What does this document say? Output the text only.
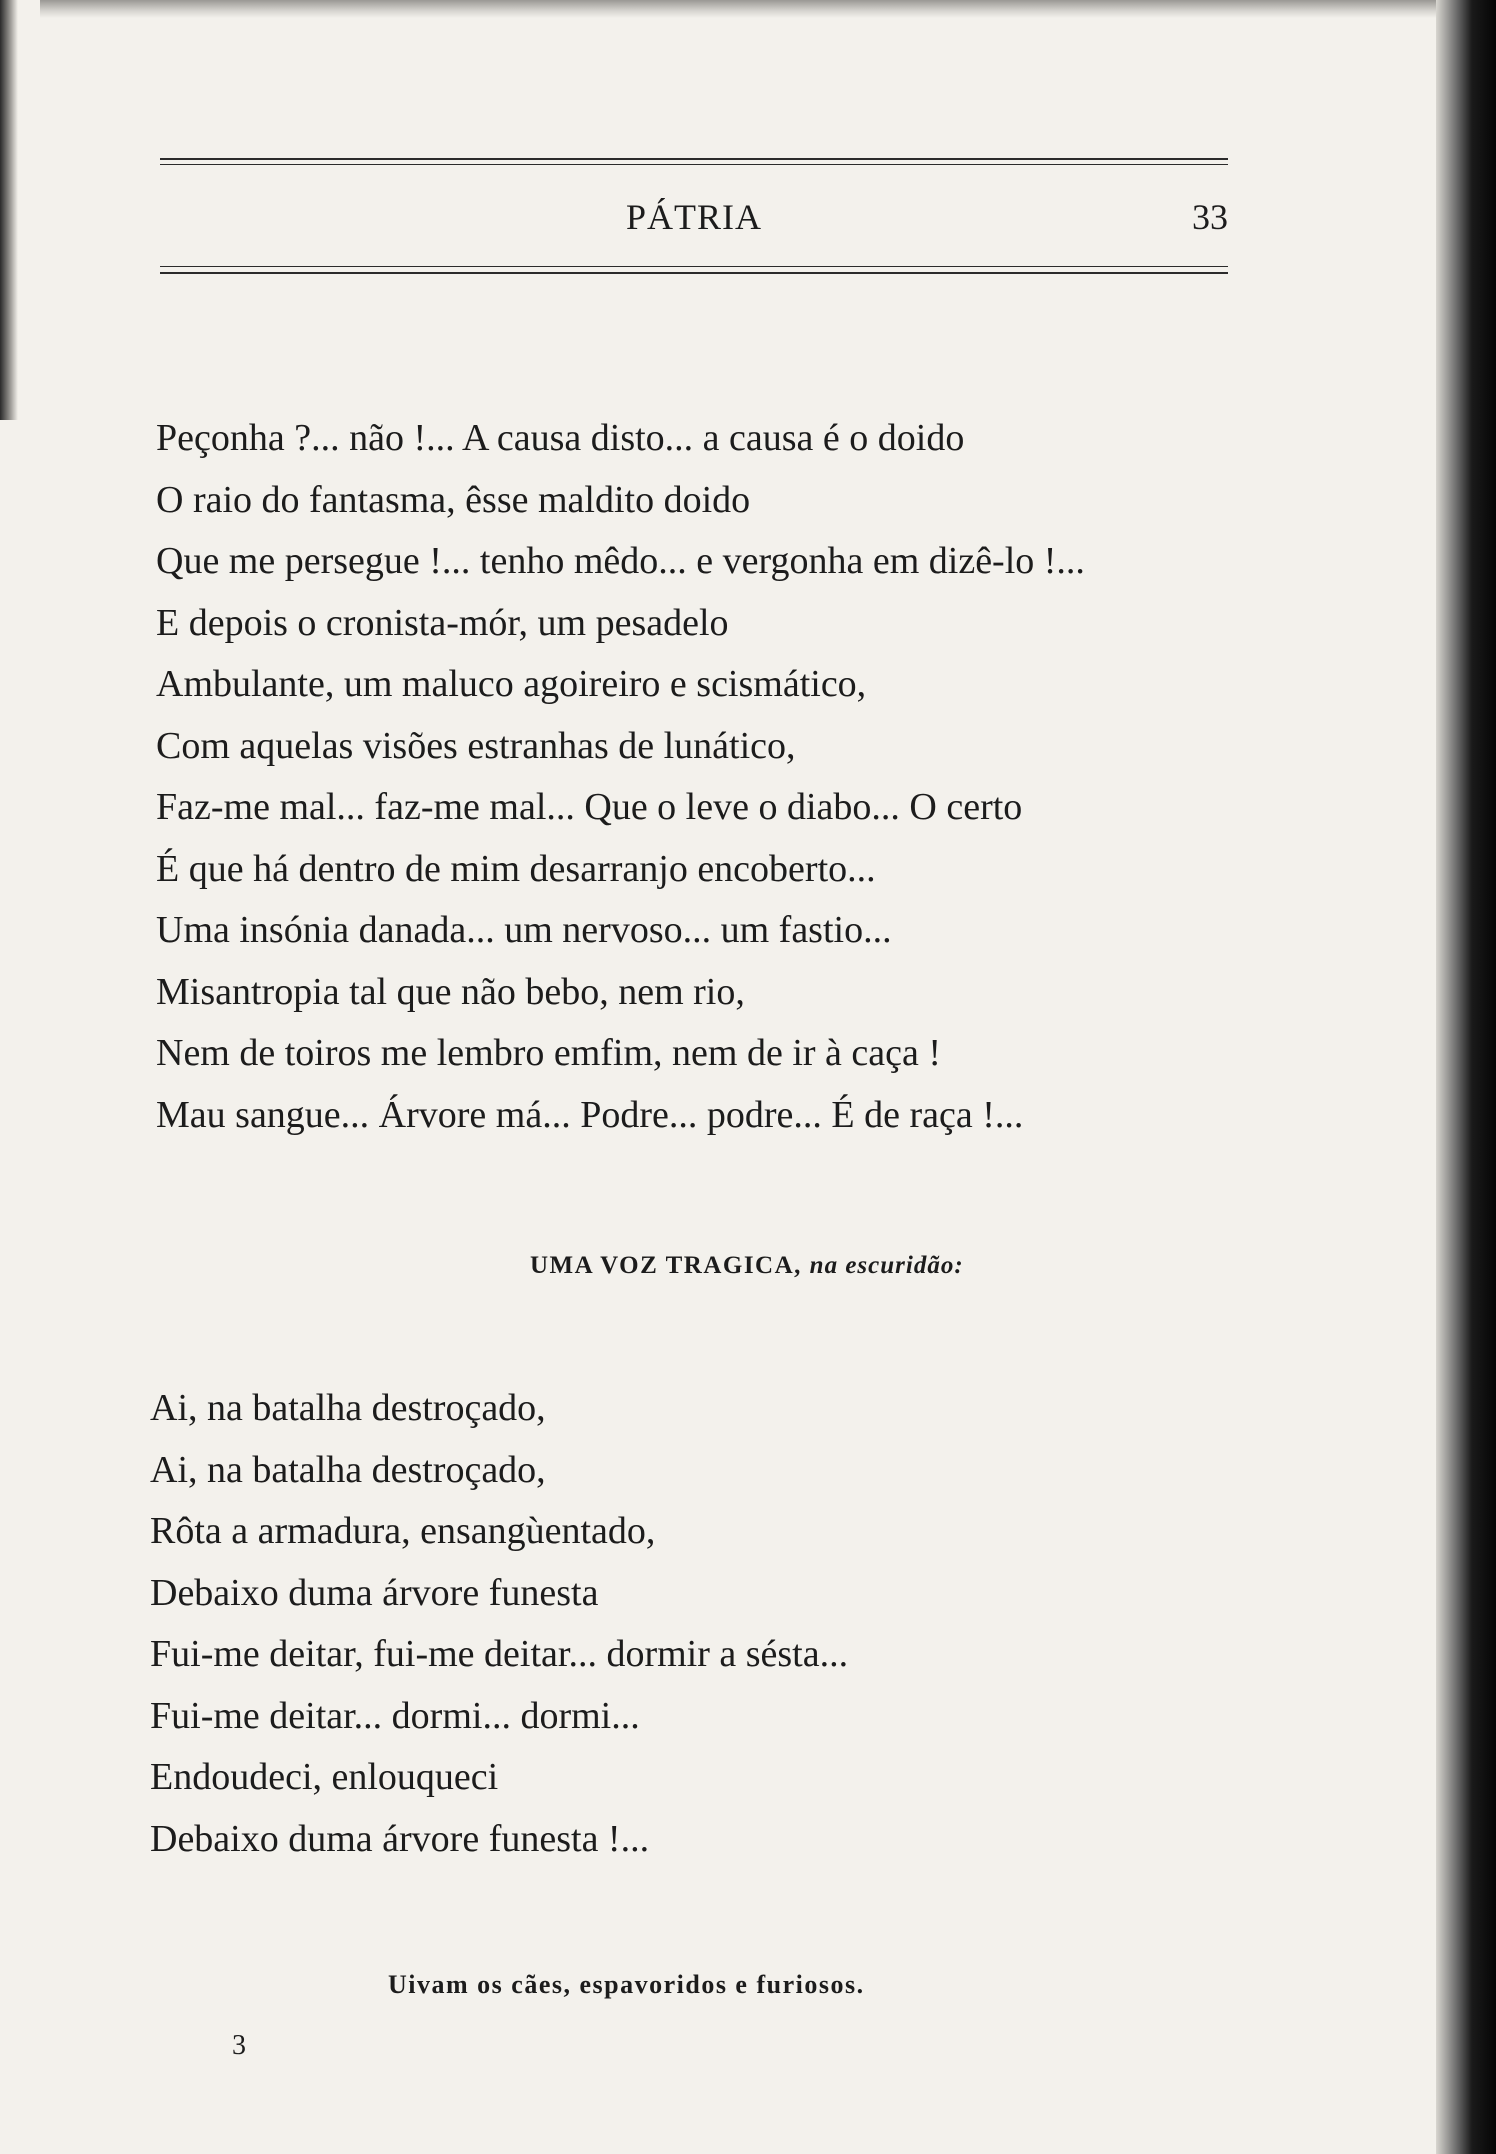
PÁTRIA	33
Peçonha ?... não !... A causa disto... a causa é o doido
O raio do fantasma, êsse maldito doido
Que me persegue !... tenho mêdo... e vergonha em dizê-lo !...
E depois o cronista-mór, um pesadelo
Ambulante, um maluco agoireiro e scismático,
Com aquelas visões estranhas de lunático,
Faz-me mal... faz-me mal... Que o leve o diabo... O certo
É que há dentro de mim desarranjo encoberto...
Uma insónia danada... um nervoso... um fastio...
Misantropia tal que não bebo, nem rio,
Nem de toiros me lembro emfim, nem de ir à caça !
Mau sangue... Árvore má... Podre... podre... É de raça !...
UMA VOZ TRAGICA, na escuridão:
Ai, na batalha destroçado,
Ai, na batalha destroçado,
Rôta a armadura, ensangùentado,
Debaixo duma árvore funesta
Fui-me deitar, fui-me deitar... dormir a sésta...
Fui-me deitar... dormi... dormi...
Endoudeci, enlouqueci
Debaixo duma árvore funesta !...
Uivam os cães, espavoridos e furiosos.
3
